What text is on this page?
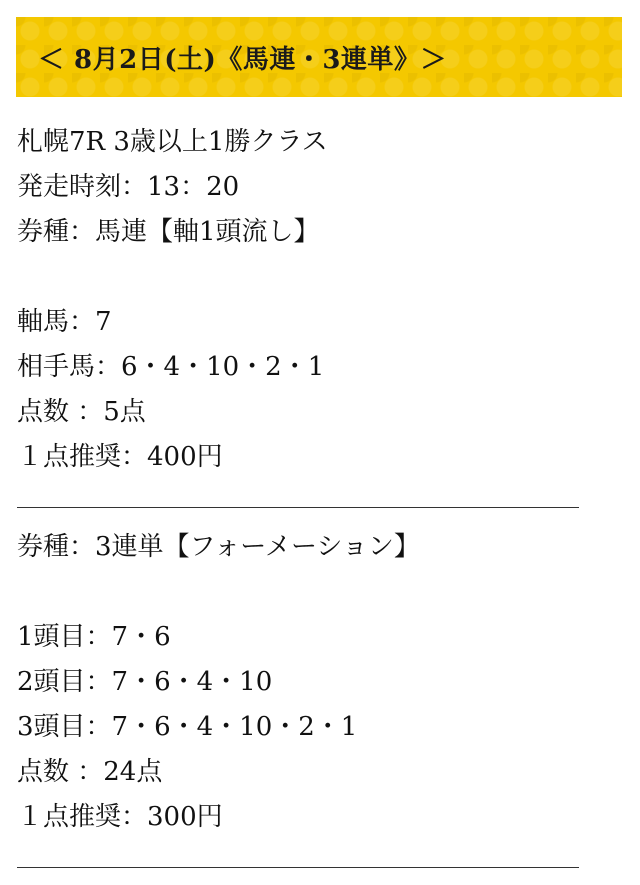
＜ 8月2日(土)《馬連・3連単》＞
札幌7R 3歳以上1勝クラス
発走時刻：13：20
券種：馬連【軸1頭流し】
軸馬：7
相手馬：6・4・10・2・1
点数 ：5点
１点推奨：400円
券種：3連単【フォーメーション】
1頭目：7・6
2頭目：7・6・4・10
3頭目：7・6・4・10・2・1
点数 ：24点
１点推奨：300円
